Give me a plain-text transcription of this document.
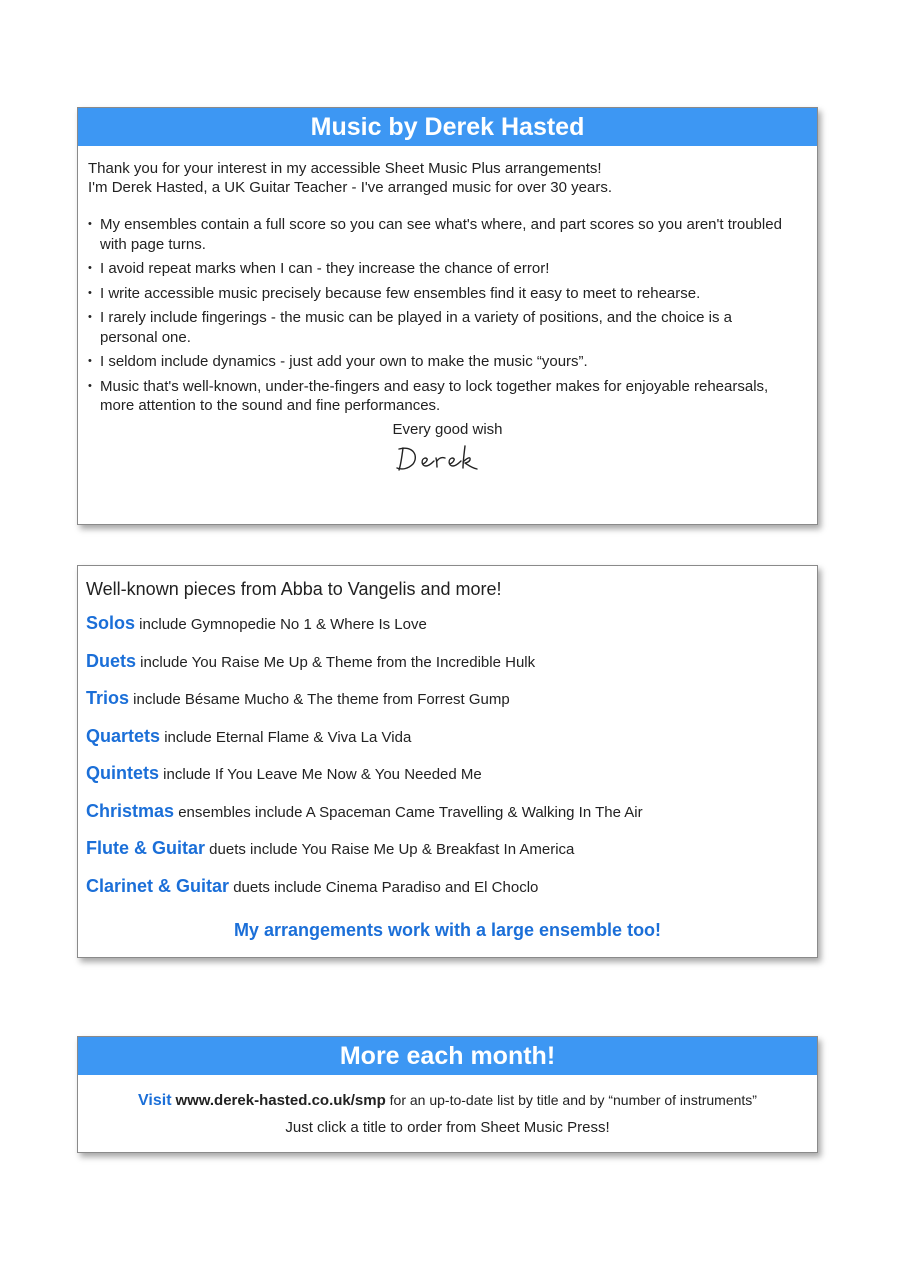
Music by Derek Hasted
Thank you for your interest in my accessible Sheet Music Plus arrangements!
I'm Derek Hasted, a UK Guitar Teacher - I've arranged music for over 30 years.
• My ensembles contain a full score so you can see what's where, and part scores so you aren't troubled with page turns.
• I avoid repeat marks when I can - they increase the chance of error!
• I write accessible music precisely because few ensembles find it easy to meet to rehearse.
• I rarely include fingerings - the music can be played in a variety of positions, and the choice is a personal one.
• I seldom include dynamics - just add your own to make the music “yours”.
• Music that's well-known, under-the-fingers and easy to lock together makes for enjoyable rehearsals, more attention to the sound and fine performances.
Every good wish
Well-known pieces from Abba to Vangelis and more!
Solos include Gymnopedie No 1 & Where Is Love
Duets include You Raise Me Up & Theme from the Incredible Hulk
Trios include Bésame Mucho & The theme from Forrest Gump
Quartets include Eternal Flame & Viva La Vida
Quintets include If You Leave Me Now & You Needed Me
Christmas ensembles include A Spaceman Came Travelling & Walking In The Air
Flute & Guitar duets include You Raise Me Up & Breakfast In America
Clarinet & Guitar duets include Cinema Paradiso and El Choclo
My arrangements work with a large ensemble too!
More each month!
Visit www.derek-hasted.co.uk/smp for an up-to-date list by title and by “number of instruments”
Just click a title to order from Sheet Music Press!
